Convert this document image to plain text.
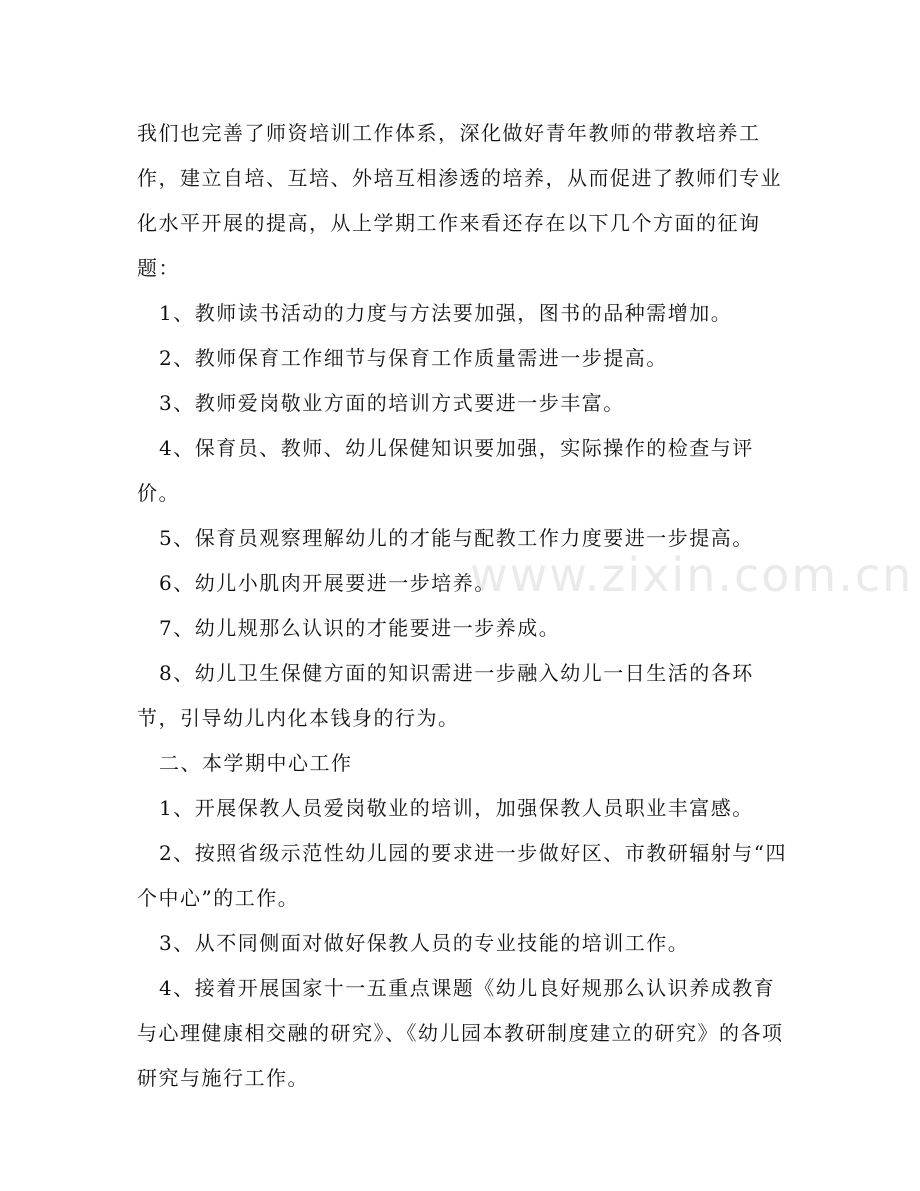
www.zixin.com.cn

我们也完善了师资培训工作体系，深化做好青年教师的带教培养工作，建立自培、互培、外培互相渗透的培养，从而促进了教师们专业化水平开展的提高，从上学期工作来看还存在以下几个方面的征询题：

1、教师读书活动的力度与方法要加强，图书的品种需增加。

2、教师保育工作细节与保育工作质量需进一步提高。

3、教师爱岗敬业方面的培训方式要进一步丰富。

4、保育员、教师、幼儿保健知识要加强，实际操作的检查与评价。

5、保育员观察理解幼儿的才能与配教工作力度要进一步提高。

6、幼儿小肌肉开展要进一步培养。

7、幼儿规那么认识的才能要进一步养成。

8、幼儿卫生保健方面的知识需进一步融入幼儿一日生活的各环节，引导幼儿内化本钱身的行为。

二、本学期中心工作

1、开展保教人员爱岗敬业的培训，加强保教人员职业丰富感。

2、按照省级示范性幼儿园的要求进一步做好区、市教研辐射与“四个中心”的工作。

3、从不同侧面对做好保教人员的专业技能的培训工作。

4、接着开展国家十一五重点课题《幼儿良好规那么认识养成教育与心理健康相交融的研究》、《幼儿园本教研制度建立的研究》的各项研究与施行工作。
